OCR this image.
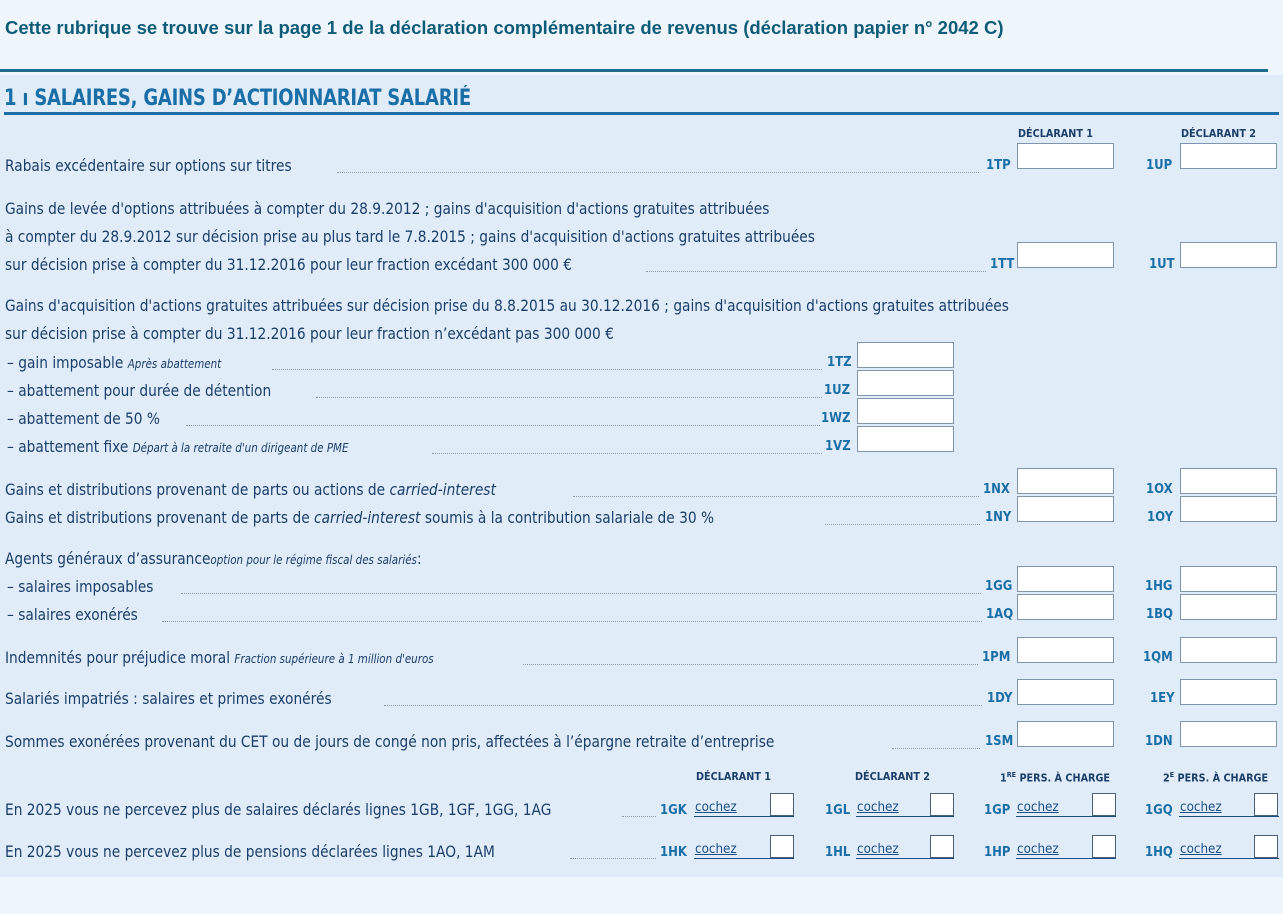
Cette rubrique se trouve sur la page 1 de la déclaration complémentaire de revenus (déclaration papier n° 2042 C)
1 ı SALAIRES, GAINS D’ACTIONNARIAT SALARIÉ
DÉCLARANT 1	DÉCLARANT 2
Rabais excédentaire sur options sur titres	1TP	1UP
Gains de levée d'options attribuées à compter du 28.9.2012 ; gains d'acquisition d'actions gratuites attribuées
à compter du 28.9.2012 sur décision prise au plus tard le 7.8.2015 ; gains d'acquisition d'actions gratuites attribuées
sur décision prise à compter du 31.12.2016 pour leur fraction excédant 300 000 €	1TT	1UT
Gains d'acquisition d'actions gratuites attribuées sur décision prise du 8.8.2015 au 30.12.2016 ; gains d'acquisition d'actions gratuites attribuées
sur décision prise à compter du 31.12.2016 pour leur fraction n’excédant pas 300 000 €
– gain imposable Après abattement	1TZ
– abattement pour durée de détention	1UZ
– abattement de 50 %	1WZ
– abattement fixe Départ à la retraite d'un dirigeant de PME	1VZ
Gains et distributions provenant de parts ou actions de carried-interest	1NX	1OX
Gains et distributions provenant de parts de carried-interest soumis à la contribution salariale de 30 %	1NY	1OY
Agents généraux d’assuranceoption pour le régime fiscal des salariés:
– salaires imposables	1GG	1HG
– salaires exonérés	1AQ	1BQ
Indemnités pour préjudice moral Fraction supérieure à 1 million d'euros	1PM	1QM
Salariés impatriés : salaires et primes exonérés	1DY	1EY
Sommes exonérées provenant du CET ou de jours de congé non pris, affectées à l’épargne retraite d’entreprise	1SM	1DN
DÉCLARANT 1	DÉCLARANT 2	1RE PERS. À CHARGE	$2^E$ PERS. À CHARGE
En 2025 vous ne percevez plus de salaires déclarés lignes 1GB, 1GF, 1GG, 1AG	1GK cochez	1GL cochez	1GP cochez	1GQ cochez
En 2025 vous ne percevez plus de pensions déclarées lignes 1AO, 1AM	1HK cochez	1HL cochez	1HP cochez	1HQ cochez
